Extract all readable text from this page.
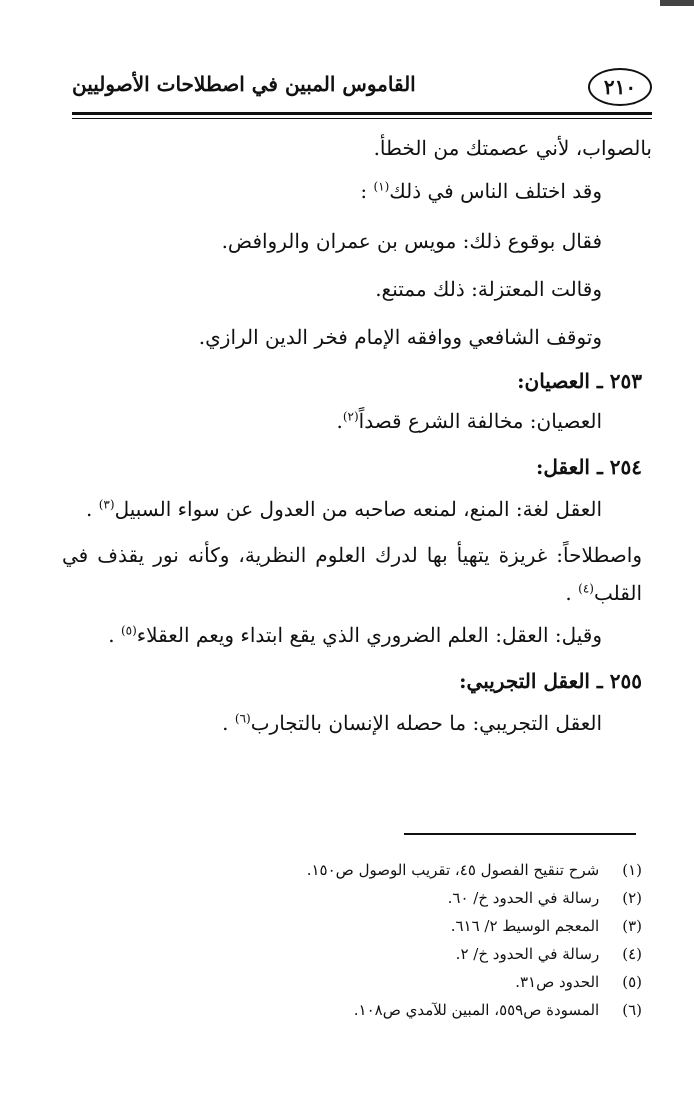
٢١٠
القاموس المبين في اصطلاحات الأصوليين
بالصواب، لأني عصمتك من الخطأ.
وقد اختلف الناس في ذلك$^{(١)}$ :
فقال بوقوع ذلك: مويس بن عمران والروافض.
وقالت المعتزلة: ذلك ممتنع.
وتوقف الشافعي ووافقه الإمام فخر الدين الرازي.
٢٥٣ ـ العصيان:
العصيان: مخالفة الشرع قصداً$^{(٢)}$.
٢٥٤ ـ العقل:
العقل لغة: المنع، لمنعه صاحبه من العدول عن سواء السبيل$^{(٣)}$ .
واصطلاحاً: غريزة يتهيأ بها لدرك العلوم النظرية، وكأنه نور يقذف في
القلب$^{(٤)}$ .
وقيل: العقل: العلم الضروري الذي يقع ابتداء ويعم العقلاء$^{(٥)}$ .
٢٥٥ ـ العقل التجريبي:
العقل التجريبي: ما حصله الإنسان بالتجارب$^{(٦)}$ .
(١) شرح تنقيح الفصول ٤٥، تقريب الوصول ص١٥٠.
(٢) رسالة في الحدود خ/ ٦٠.
(٣) المعجم الوسيط ٢/ ٦١٦.
(٤) رسالة في الحدود خ/ ٢.
(٥) الحدود ص٣١.
(٦) المسودة ص٥٥٩، المبين للآمدي ص١٠٨.
